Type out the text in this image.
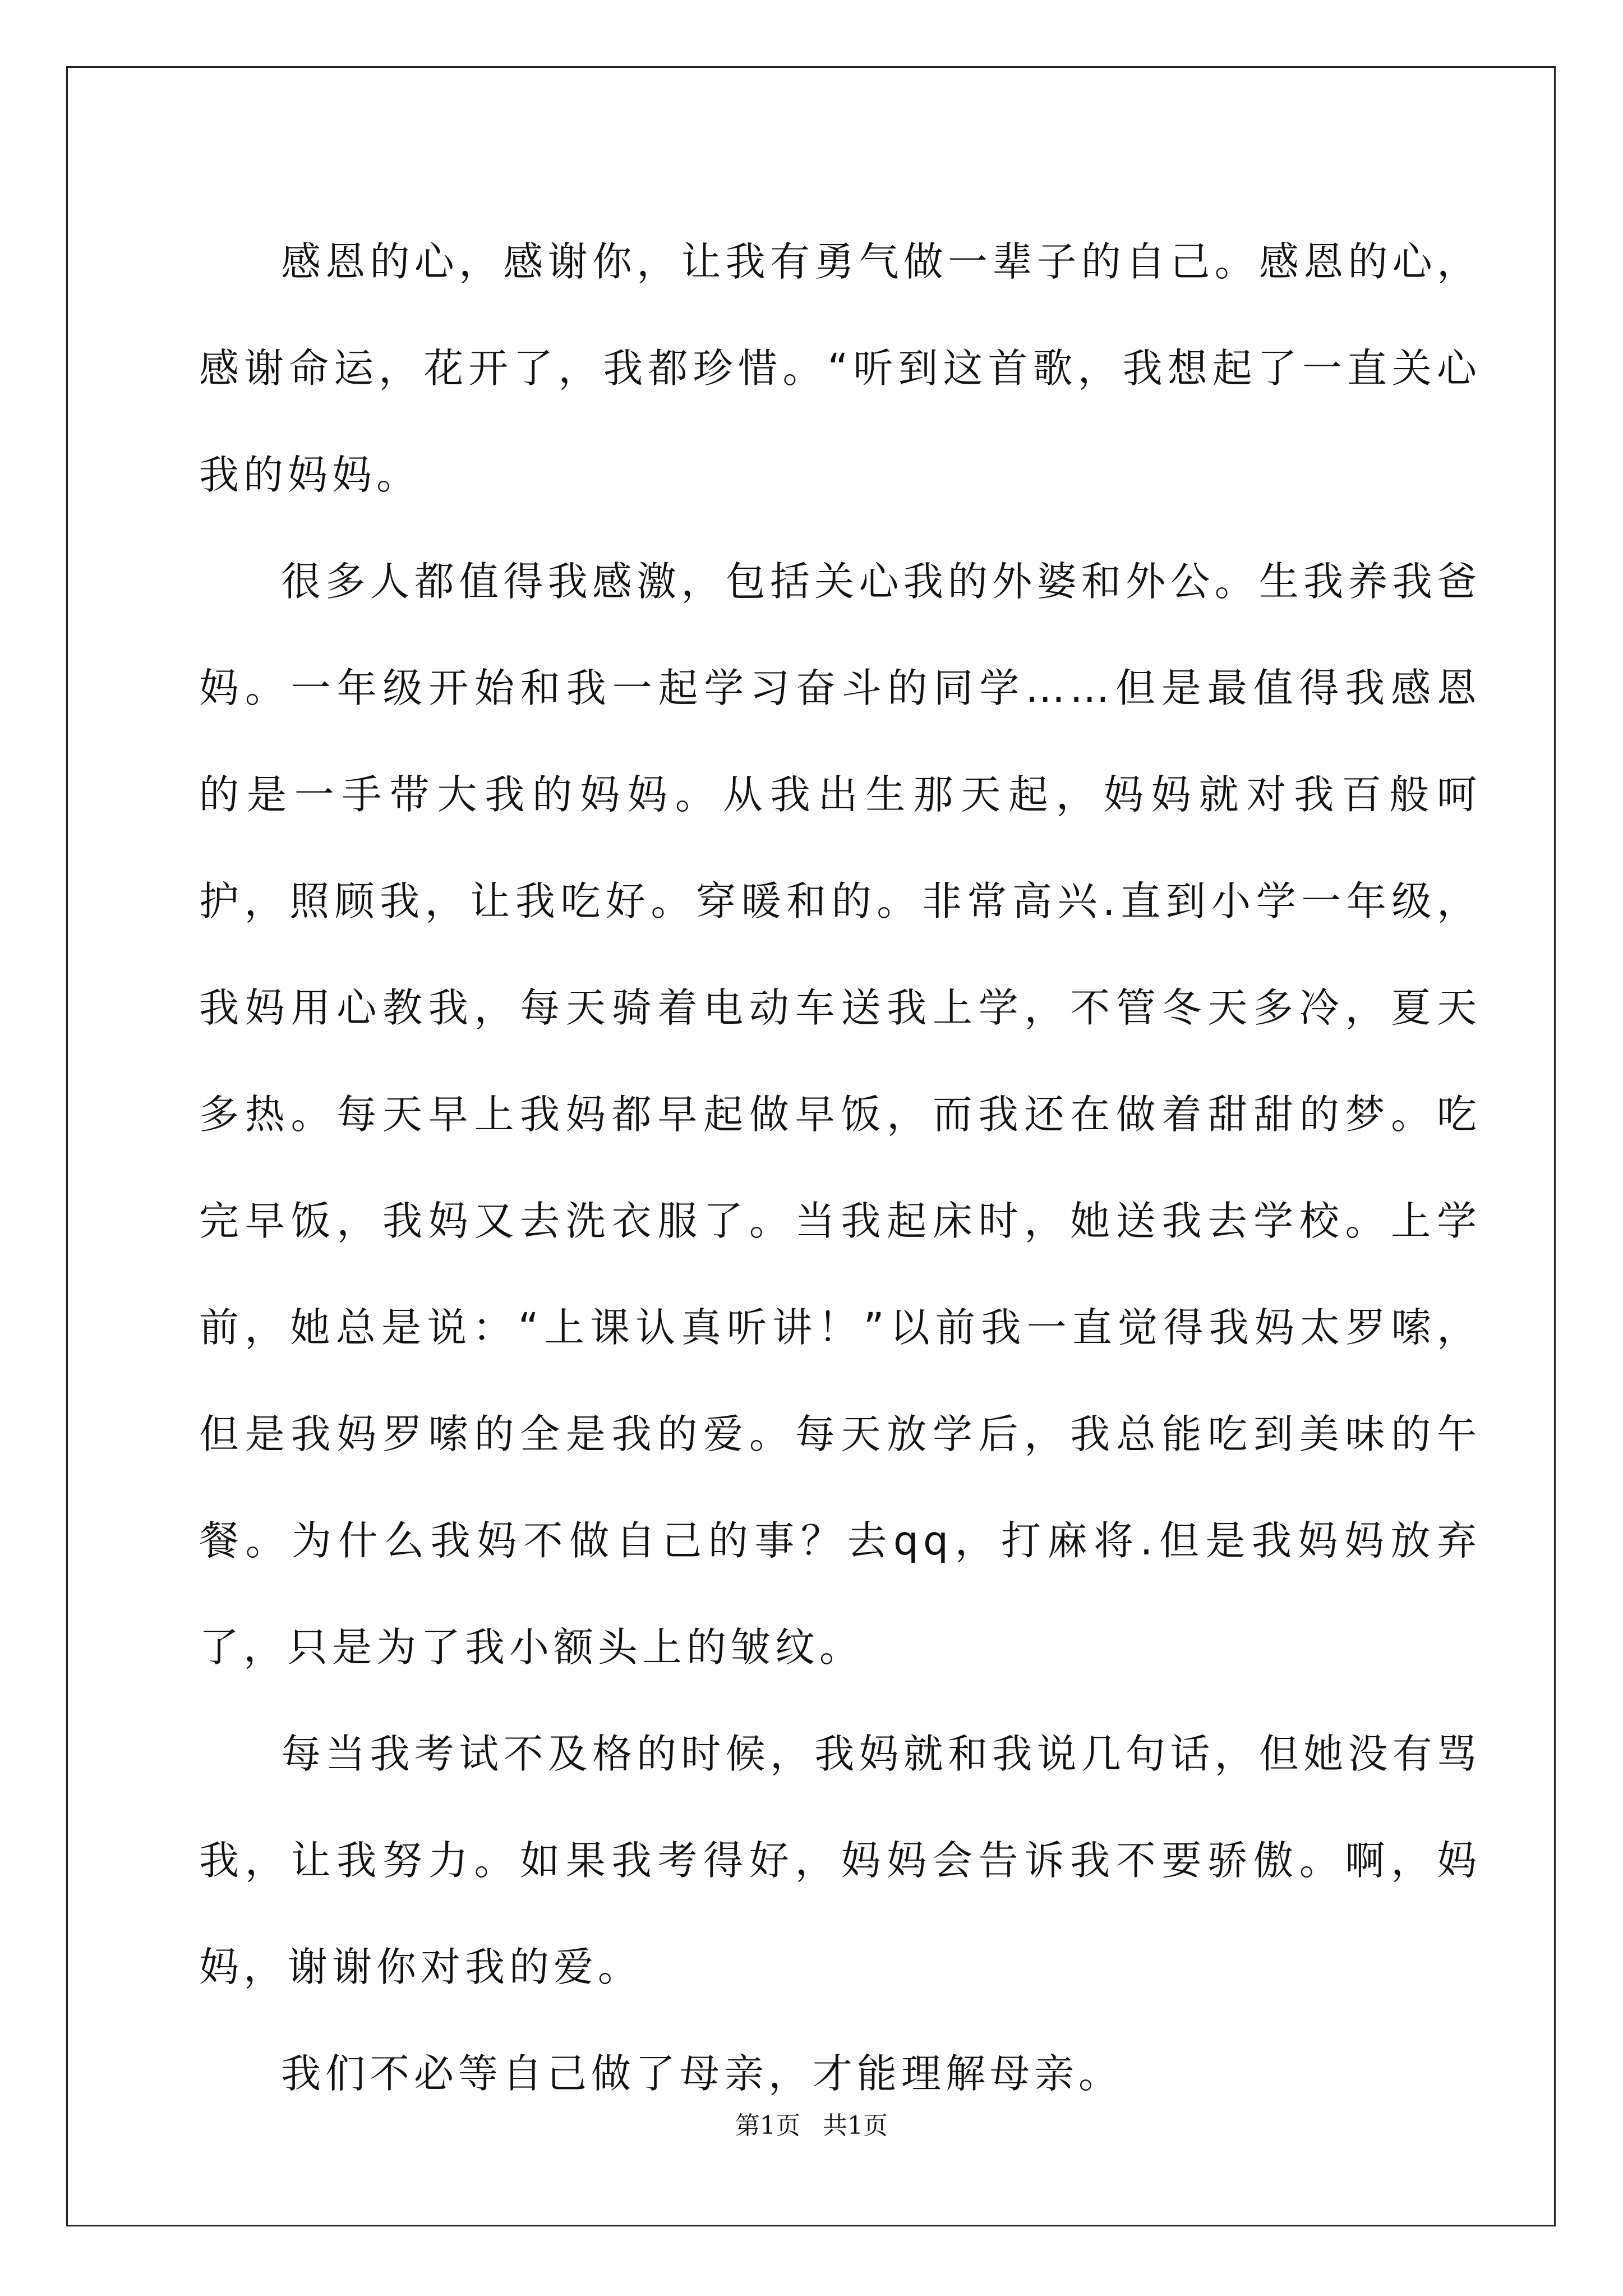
感恩的心，感谢你，让我有勇气做一辈子的自己。感恩的心，感谢命运，花开了，我都珍惜。“听到这首歌，我想起了一直关心我的妈妈。

很多人都值得我感激，包括关心我的外婆和外公。生我养我爸妈。一年级开始和我一起学习奋斗的同学……但是最值得我感恩的是一手带大我的妈妈。从我出生那天起，妈妈就对我百般呵护，照顾我，让我吃好。穿暖和的。非常高兴.直到小学一年级，我妈用心教我，每天骑着电动车送我上学，不管冬天多冷，夏天多热。每天早上我妈都早起做早饭，而我还在做着甜甜的梦。吃完早饭，我妈又去洗衣服了。当我起床时，她送我去学校。上学前，她总是说：“上课认真听讲！”以前我一直觉得我妈太罗嗦，但是我妈罗嗦的全是我的爱。每天放学后，我总能吃到美味的午餐。为什么我妈不做自己的事？去qq，打麻将.但是我妈妈放弃了，只是为了我小额头上的皱纹。

每当我考试不及格的时候，我妈就和我说几句话，但她没有骂我，让我努力。如果我考得好，妈妈会告诉我不要骄傲。啊，妈妈，谢谢你对我的爱。

我们不必等自己做了母亲，才能理解母亲。

第1页 共1页
